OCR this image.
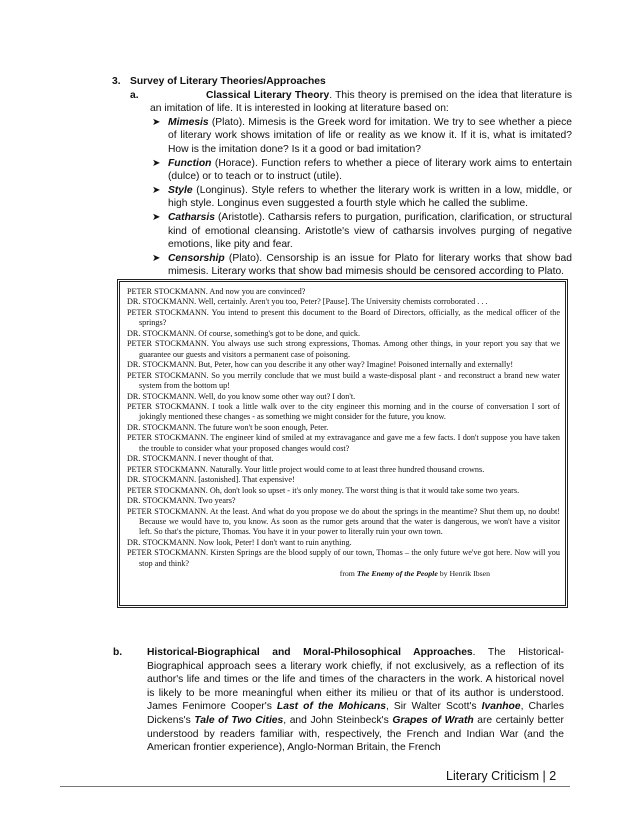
3. Survey of Literary Theories/Approaches
a.	Classical Literary Theory. This theory is premised on the idea that literature is an imitation of life. It is interested in looking at literature based on:
➤ Mimesis (Plato). Mimesis is the Greek word for imitation. We try to see whether a piece of literary work shows imitation of life or reality as we know it. If it is, what is imitated? How is the imitation done? Is it a good or bad imitation?
➤ Function (Horace). Function refers to whether a piece of literary work aims to entertain (dulce) or to teach or to instruct (utile).
➤ Style (Longinus). Style refers to whether the literary work is written in a low, middle, or high style. Longinus even suggested a fourth style which he called the sublime.
➤ Catharsis (Aristotle). Catharsis refers to purgation, purification, clarification, or structural kind of emotional cleansing. Aristotle's view of catharsis involves purging of negative emotions, like pity and fear.
➤ Censorship (Plato). Censorship is an issue for Plato for literary works that show bad mimesis. Literary works that show bad mimesis should be censored according to Plato.
PETER STOCKMANN. And now you are convinced?
DR. STOCKMANN. Well, certainly. Aren't you too, Peter? [Pause]. The University chemists corroborated . . .
PETER STOCKMANN. You intend to present this document to the Board of Directors, officially, as the medical officer of the springs?
DR. STOCKMANN. Of course, something's got to be done, and quick.
PETER STOCKMANN. You always use such strong expressions, Thomas. Among other things, in your report you say that we guarantee our guests and visitors a permanent case of poisoning.
DR. STOCKMANN. But, Peter, how can you describe it any other way? Imagine! Poisoned internally and externally!
PETER STOCKMANN. So you merrily conclude that we must build a waste-disposal plant - and reconstruct a brand new water system from the bottom up!
DR. STOCKMANN. Well, do you know some other way out? I don't.
PETER STOCKMANN. I took a little walk over to the city engineer this morning and in the course of conversation I sort of jokingly mentioned these changes - as something we might consider for the future, you know.
DR. STOCKMANN. The future won't be soon enough, Peter.
PETER STOCKMANN. The engineer kind of smiled at my extravagance and gave me a few facts. I don't suppose you have taken the trouble to consider what your proposed changes would cost?
DR. STOCKMANN. I never thought of that.
PETER STOCKMANN. Naturally. Your little project would come to at least three hundred thousand crowns.
DR. STOCKMANN. [astonished]. That expensive!
PETER STOCKMANN. Oh, don't look so upset - it's only money. The worst thing is that it would take some two years.
DR. STOCKMANN. Two years?
PETER STOCKMANN. At the least. And what do you propose we do about the springs in the meantime? Shut them up, no doubt! Because we would have to, you know. As soon as the rumor gets around that the water is dangerous, we won't have a visitor left. So that's the picture, Thomas. You have it in your power to literally ruin your own town.
DR. STOCKMANN. Now look, Peter! I don't want to ruin anything.
PETER STOCKMANN. Kirsten Springs are the blood supply of our town, Thomas – the only future we've got here. Now will you stop and think?
from The Enemy of the People by Henrik Ibsen
b. Historical-Biographical and Moral-Philosophical Approaches. The Historical-Biographical approach sees a literary work chiefly, if not exclusively, as a reflection of its author's life and times or the life and times of the characters in the work. A historical novel is likely to be more meaningful when either its milieu or that of its author is understood. James Fenimore Cooper's Last of the Mohicans, Sir Walter Scott's Ivanhoe, Charles Dickens's Tale of Two Cities, and John Steinbeck's Grapes of Wrath are certainly better understood by readers familiar with, respectively, the French and Indian War (and the American frontier experience), Anglo-Norman Britain, the French
Literary Criticism | 2
